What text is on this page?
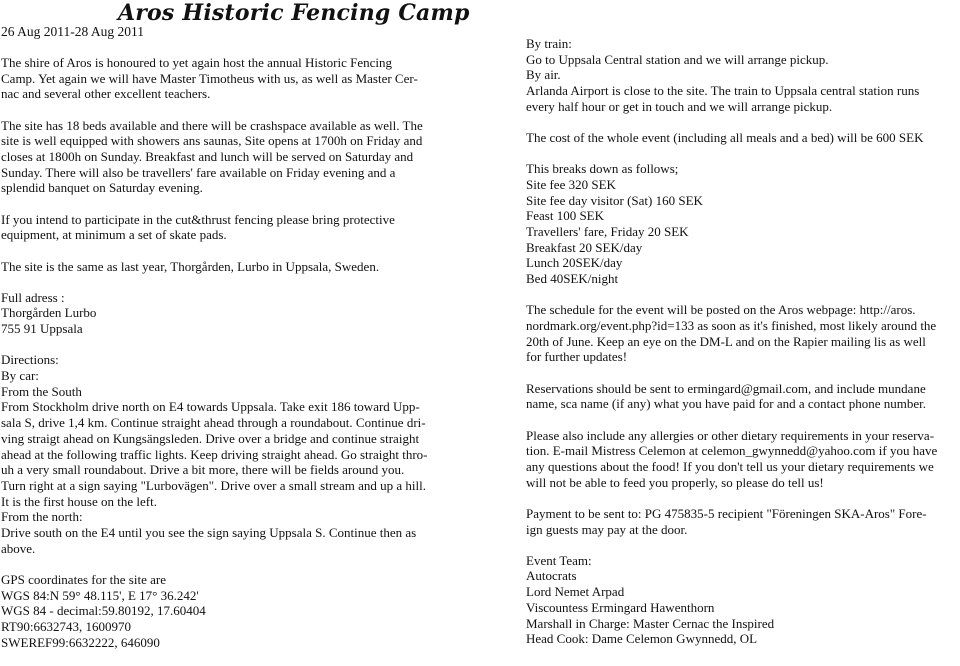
Aros Historic Fencing Camp
26 Aug 2011-28 Aug 2011
The shire of Aros is honoured to yet again host the annual Historic Fencing
Camp. Yet again we will have Master Timotheus with us, as well as Master Cer-
nac and several other excellent teachers.
The site has 18 beds available and there will be crashspace available as well. The
site is well equipped with showers ans saunas, Site opens at 1700h on Friday and
closes at 1800h on Sunday. Breakfast and lunch will be served on Saturday and
Sunday. There will also be travellers' fare available on Friday evening and a
splendid banquet on Saturday evening.
If you intend to participate in the cut&thrust fencing please bring protective
equipment, at minimum a set of skate pads.
The site is the same as last year, Thorgården, Lurbo in Uppsala, Sweden.
Full adress :
Thorgården Lurbo
755 91 Uppsala
Directions:
By car:
From the South
From Stockholm drive north on E4 towards Uppsala. Take exit 186 toward Upp-
sala S, drive 1,4 km. Continue straight ahead through a roundabout. Continue dri-
ving straigt ahead on Kungsängsleden. Drive over a bridge and continue straight
ahead at the following traffic lights. Keep driving straight ahead. Go straight thro-
uh a very small roundabout. Drive a bit more, there will be fields around you.
Turn right at a sign saying "Lurbovägen". Drive over a small stream and up a hill.
It is the first house on the left.
From the north:
Drive south on the E4 until you see the sign saying Uppsala S. Continue then as
above.
GPS coordinates for the site are
WGS 84:N 59° 48.115', E 17° 36.242'
WGS 84 - decimal:59.80192, 17.60404
RT90:6632743, 1600970
SWEREF99:6632222, 646090
By train:
Go to Uppsala Central station and we will arrange pickup.
By air.
Arlanda Airport is close to the site. The train to Uppsala central station runs
every half hour or get in touch and we will arrange pickup.
The cost of the whole event (including all meals and a bed) will be 600 SEK
This breaks down as follows;
Site fee 320 SEK
Site fee day visitor (Sat) 160 SEK
Feast 100 SEK
Travellers' fare, Friday 20 SEK
Breakfast 20 SEK/day
Lunch 20SEK/day
Bed 40SEK/night
The schedule for the event will be posted on the Aros webpage: http://aros.
nordmark.org/event.php?id=133 as soon as it's finished, most likely around the
20th of June. Keep an eye on the DM-L and on the Rapier mailing lis as well
for further updates!
Reservations should be sent to ermingard@gmail.com, and include mundane
name, sca name (if any) what you have paid for and a contact phone number.
Please also include any allergies or other dietary requirements in your reserva-
tion. E-mail Mistress Celemon at celemon_gwynnedd@yahoo.com if you have
any questions about the food! If you don't tell us your dietary requirements we
will not be able to feed you properly, so please do tell us!
Payment to be sent to: PG 475835-5 recipient "Föreningen SKA-Aros" Fore-
ign guests may pay at the door.
Event Team:
Autocrats
Lord Nemet Arpad
Viscountess Ermingard Hawenthorn
Marshall in Charge: Master Cernac the Inspired
Head Cook: Dame Celemon Gwynnedd, OL
